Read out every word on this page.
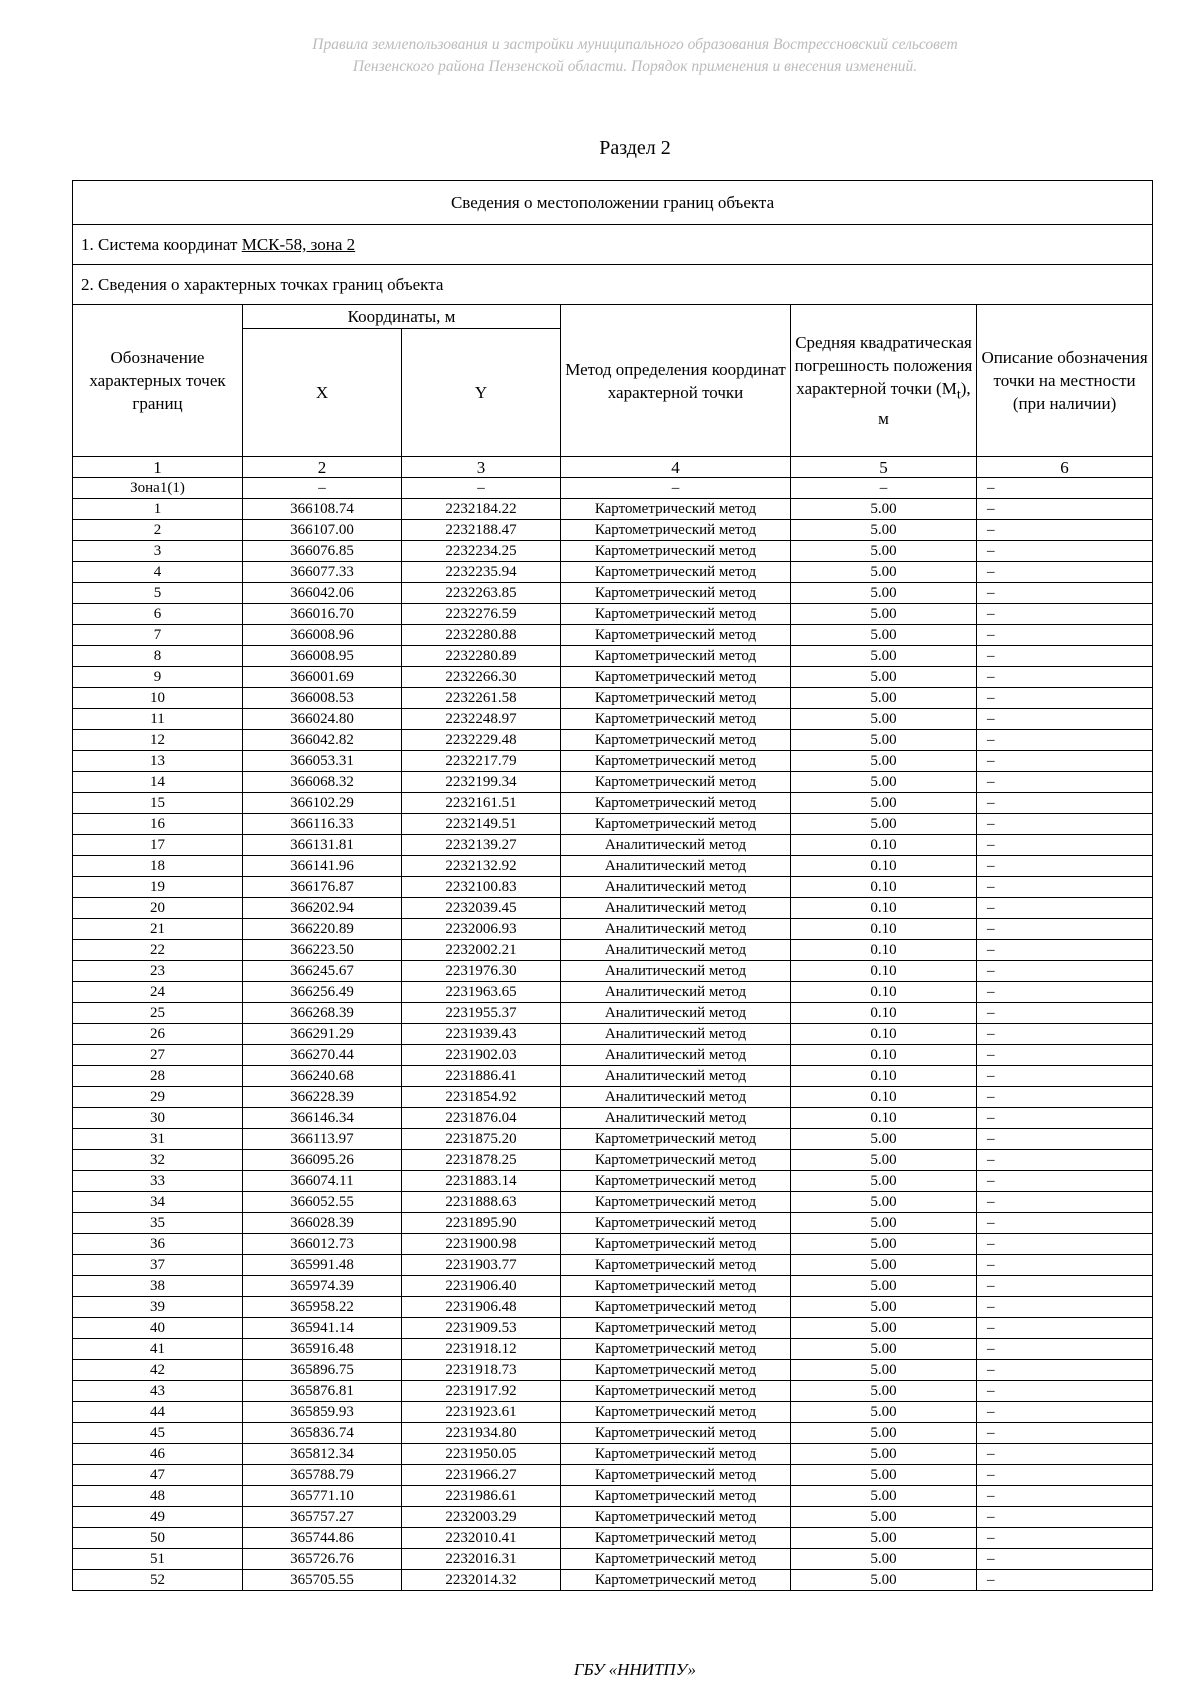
Правила землепользования и застройки муниципального образования Вострессновский сельсовет
Пензенского района Пензенской области. Порядок применения и внесения изменений.
Раздел 2
Сведения о местоположении границ объекта					
1. Система координат МСК-58, зона 2					
2. Сведения о характерных точках границ объекта					
Обозначение характерных точек границ	Координаты, м		Метод определения координат характерной точки	Средняя квадратическая погрешность положения характерной точки $(M_t)$, м	Описание обозначения точки на местности (при наличии)
	X	Y			
1	2	3	4	5	6
Зона1(1)	–	–	–	–	–
1	366108.74	2232184.22	Картометрический метод	5.00	–
2	366107.00	2232188.47	Картометрический метод	5.00	–
3	366076.85	2232234.25	Картометрический метод	5.00	–
4	366077.33	2232235.94	Картометрический метод	5.00	–
5	366042.06	2232263.85	Картометрический метод	5.00	–
6	366016.70	2232276.59	Картометрический метод	5.00	–
7	366008.96	2232280.88	Картометрический метод	5.00	–
8	366008.95	2232280.89	Картометрический метод	5.00	–
9	366001.69	2232266.30	Картометрический метод	5.00	–
10	366008.53	2232261.58	Картометрический метод	5.00	–
11	366024.80	2232248.97	Картометрический метод	5.00	–
12	366042.82	2232229.48	Картометрический метод	5.00	–
13	366053.31	2232217.79	Картометрический метод	5.00	–
14	366068.32	2232199.34	Картометрический метод	5.00	–
15	366102.29	2232161.51	Картометрический метод	5.00	–
16	366116.33	2232149.51	Картометрический метод	5.00	–
17	366131.81	2232139.27	Аналитический метод	0.10	–
18	366141.96	2232132.92	Аналитический метод	0.10	–
19	366176.87	2232100.83	Аналитический метод	0.10	–
20	366202.94	2232039.45	Аналитический метод	0.10	–
21	366220.89	2232006.93	Аналитический метод	0.10	–
22	366223.50	2232002.21	Аналитический метод	0.10	–
23	366245.67	2231976.30	Аналитический метод	0.10	–
24	366256.49	2231963.65	Аналитический метод	0.10	–
25	366268.39	2231955.37	Аналитический метод	0.10	–
26	366291.29	2231939.43	Аналитический метод	0.10	–
27	366270.44	2231902.03	Аналитический метод	0.10	–
28	366240.68	2231886.41	Аналитический метод	0.10	–
29	366228.39	2231854.92	Аналитический метод	0.10	–
30	366146.34	2231876.04	Аналитический метод	0.10	–
31	366113.97	2231875.20	Картометрический метод	5.00	–
32	366095.26	2231878.25	Картометрический метод	5.00	–
33	366074.11	2231883.14	Картометрический метод	5.00	–
34	366052.55	2231888.63	Картометрический метод	5.00	–
35	366028.39	2231895.90	Картометрический метод	5.00	–
36	366012.73	2231900.98	Картометрический метод	5.00	–
37	365991.48	2231903.77	Картометрический метод	5.00	–
38	365974.39	2231906.40	Картометрический метод	5.00	–
39	365958.22	2231906.48	Картометрический метод	5.00	–
40	365941.14	2231909.53	Картометрический метод	5.00	–
41	365916.48	2231918.12	Картометрический метод	5.00	–
42	365896.75	2231918.73	Картометрический метод	5.00	–
43	365876.81	2231917.92	Картометрический метод	5.00	–
44	365859.93	2231923.61	Картометрический метод	5.00	–
45	365836.74	2231934.80	Картометрический метод	5.00	–
46	365812.34	2231950.05	Картометрический метод	5.00	–
47	365788.79	2231966.27	Картометрический метод	5.00	–
48	365771.10	2231986.61	Картометрический метод	5.00	–
49	365757.27	2232003.29	Картометрический метод	5.00	–
50	365744.86	2232010.41	Картометрический метод	5.00	–
51	365726.76	2232016.31	Картометрический метод	5.00	–
52	365705.55	2232014.32	Картометрический метод	5.00	–
ГБУ «ННИТПУ»
